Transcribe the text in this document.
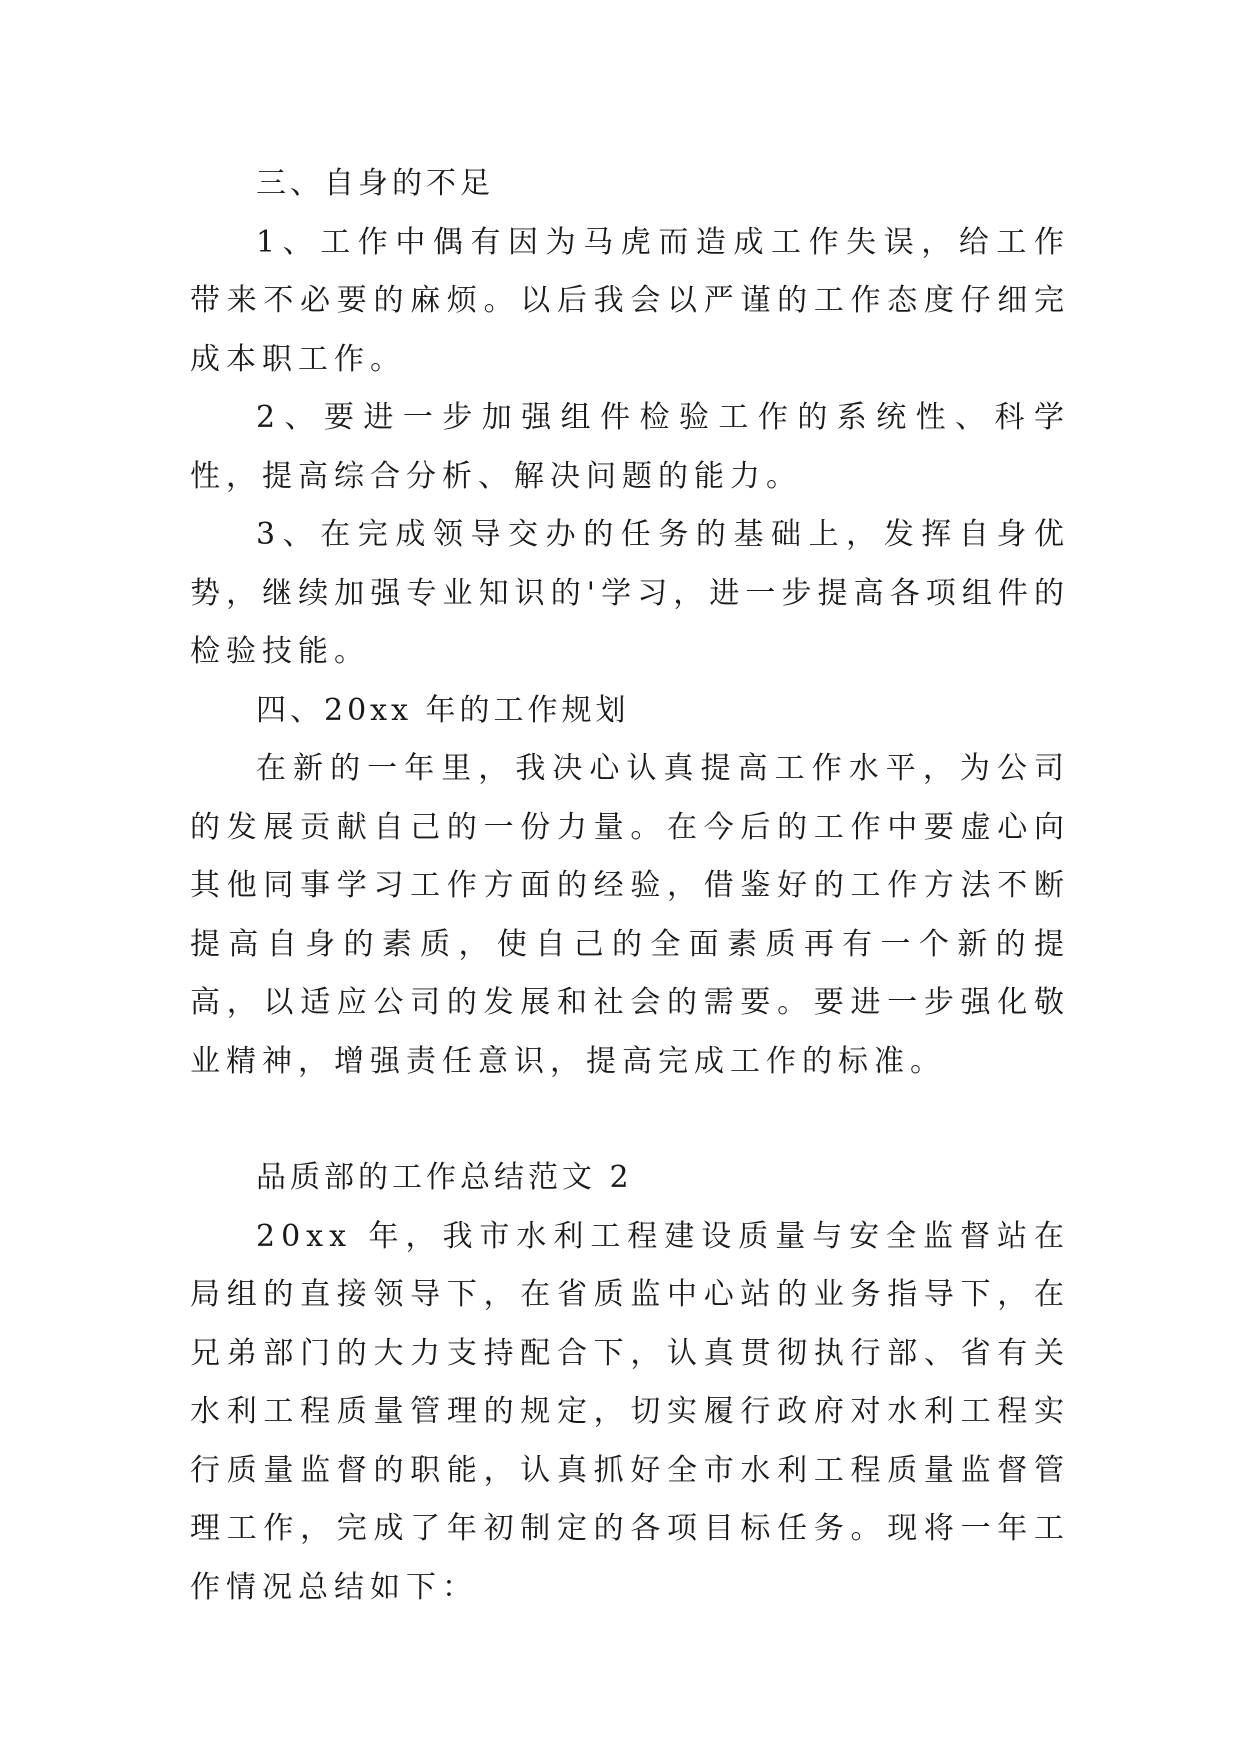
三、自身的不足

1、工作中偶有因为马虎而造成工作失误，给工作带来不必要的麻烦。以后我会以严谨的工作态度仔细完成本职工作。

2、要进一步加强组件检验工作的系统性、科学性，提高综合分析、解决问题的能力。

3、在完成领导交办的任务的基础上，发挥自身优势，继续加强专业知识的'学习，进一步提高各项组件的检验技能。

四、20xx 年的工作规划

在新的一年里，我决心认真提高工作水平，为公司的发展贡献自己的一份力量。在今后的工作中要虚心向其他同事学习工作方面的经验，借鉴好的工作方法不断提高自身的素质，使自己的全面素质再有一个新的提高，以适应公司的发展和社会的需要。要进一步强化敬业精神，增强责任意识，提高完成工作的标准。

品质部的工作总结范文 2

20xx 年，我市水利工程建设质量与安全监督站在局组的直接领导下，在省质监中心站的业务指导下，在兄弟部门的大力支持配合下，认真贯彻执行部、省有关水利工程质量管理的规定，切实履行政府对水利工程实行质量监督的职能，认真抓好全市水利工程质量监督管理工作，完成了年初制定的各项目标任务。现将一年工作情况总结如下：
